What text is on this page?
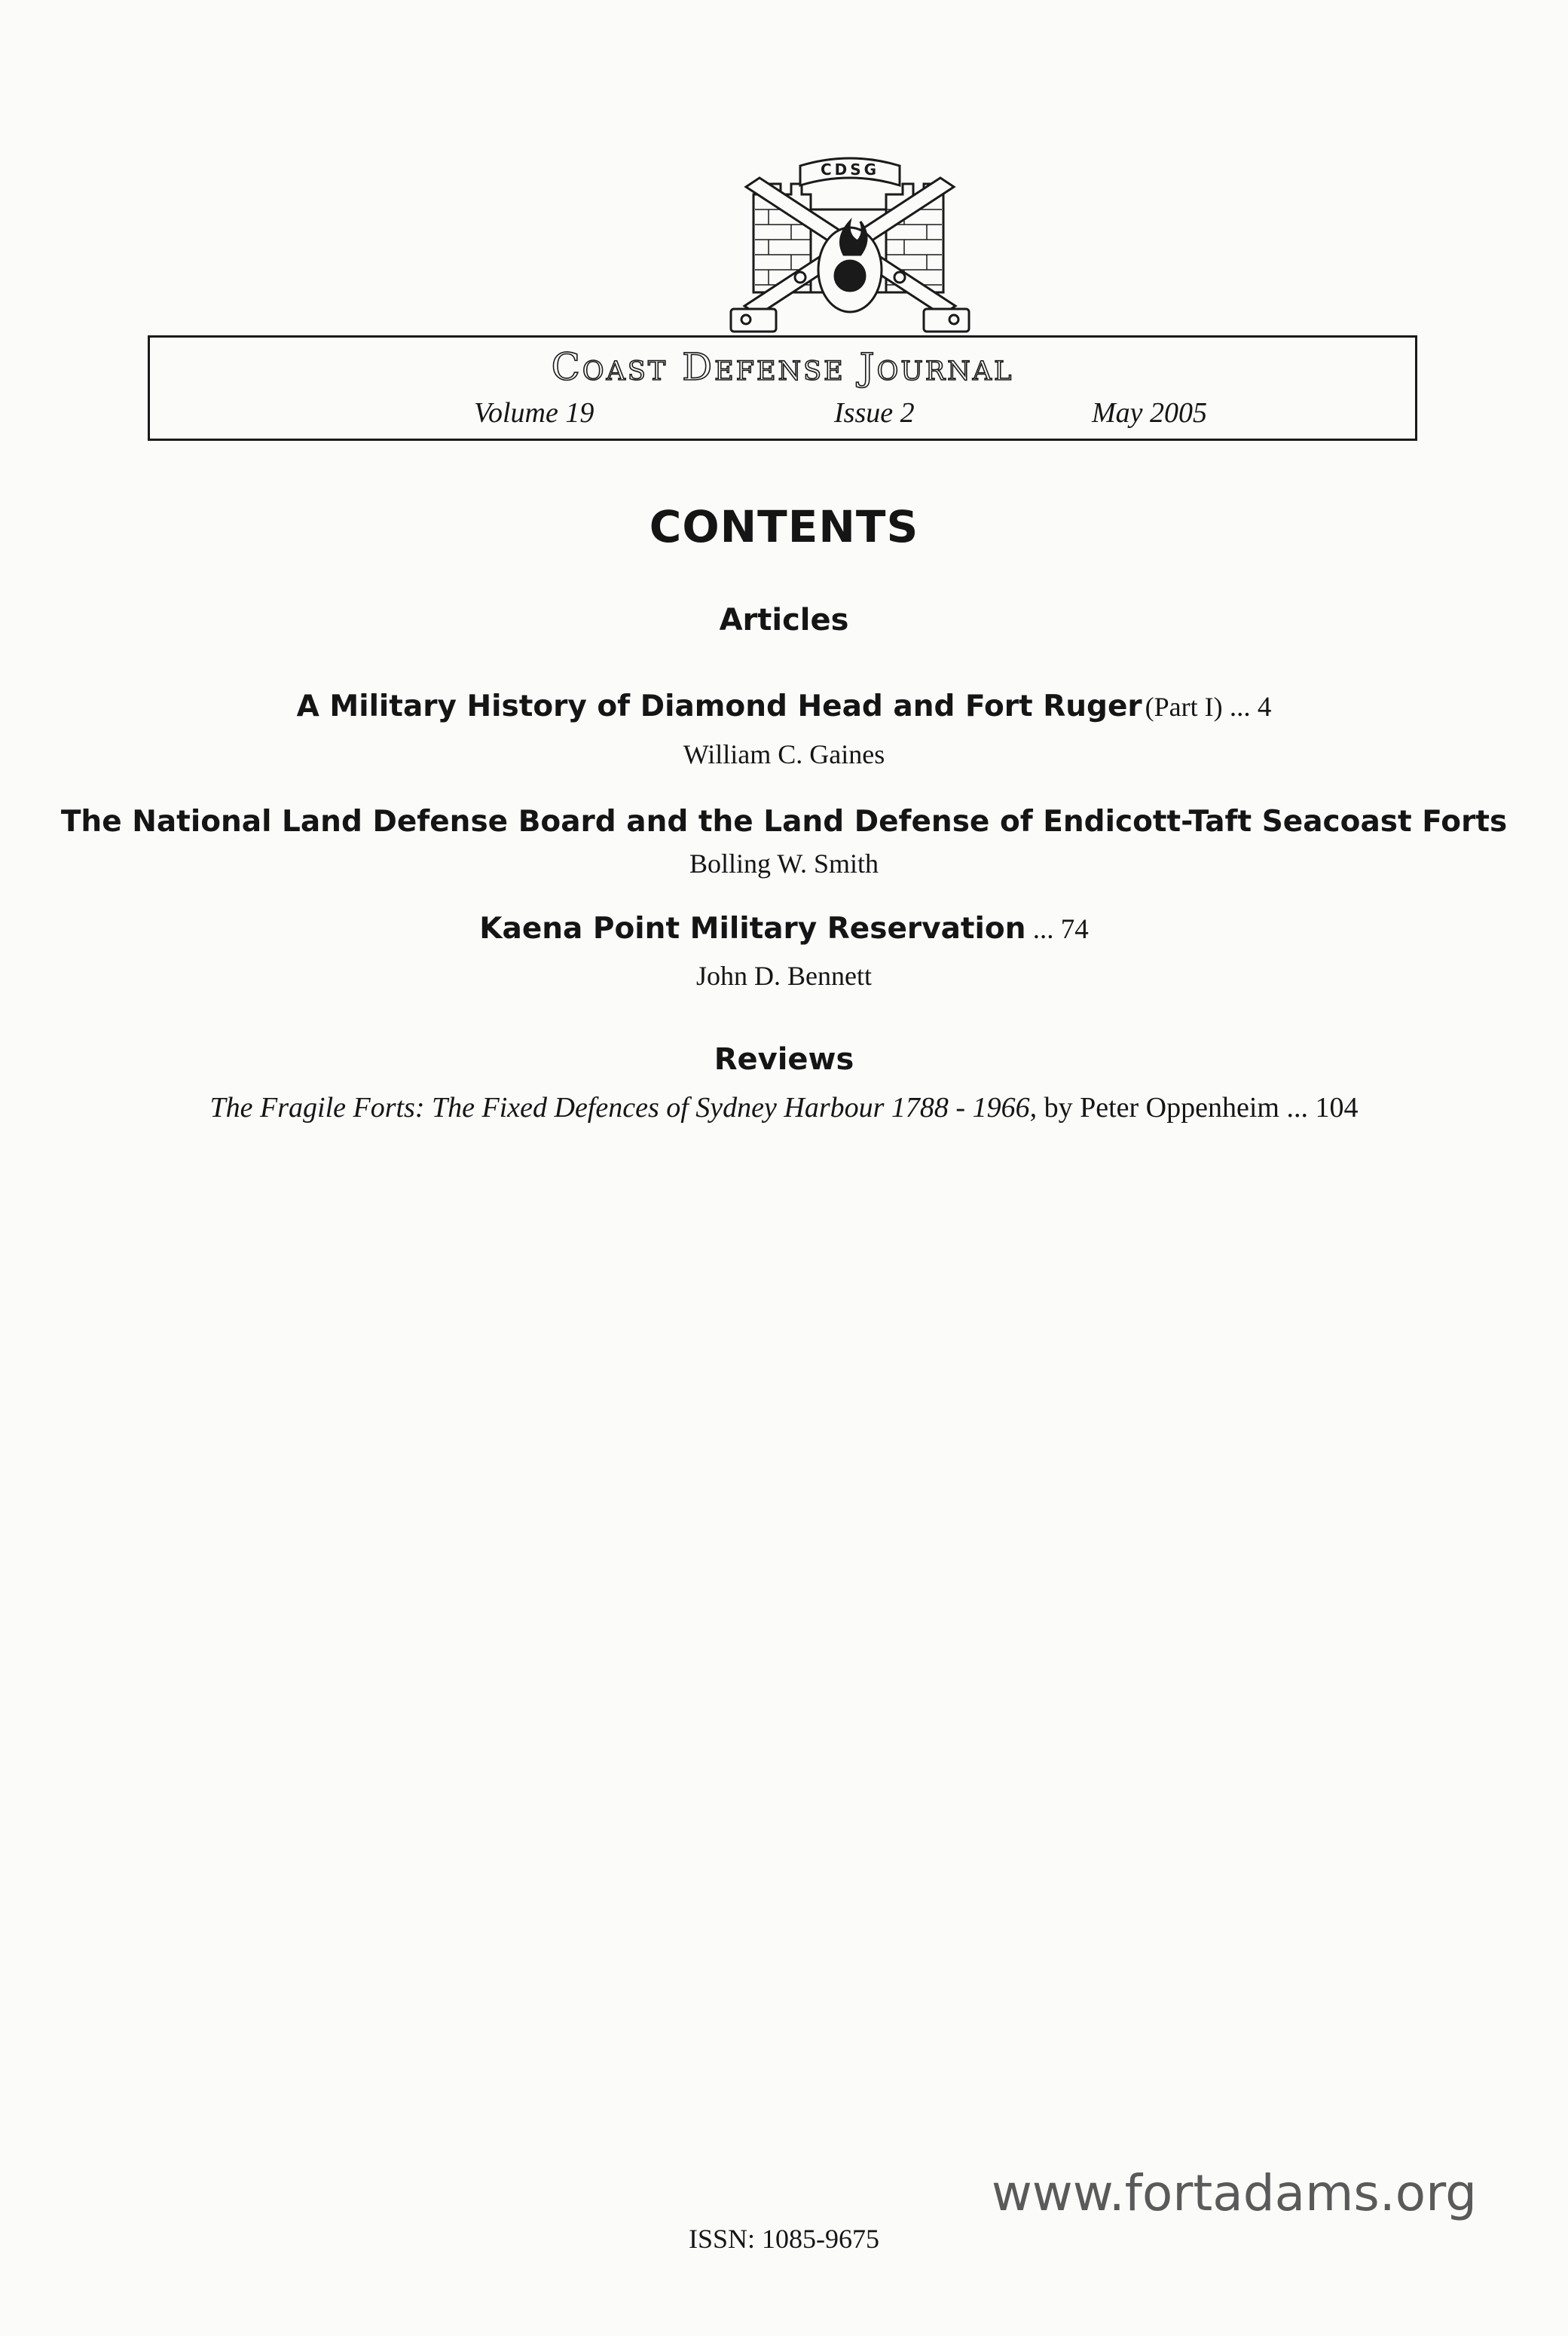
CDSG
Coast Defense Journal
Volume 19	Issue 2	May 2005
CONTENTS
Articles
A Military History of Diamond Head and Fort Ruger (Part I) ... 4
William C. Gaines
The National Land Defense Board and the Land Defense of Endicott-Taft Seacoast Forts
Bolling W. Smith
Kaena Point Military Reservation ... 74
John D. Bennett
Reviews
The Fragile Forts: The Fixed Defences of Sydney Harbour 1788 - 1966, by Peter Oppenheim ... 104
www.fortadams.org
ISSN: 1085-9675
